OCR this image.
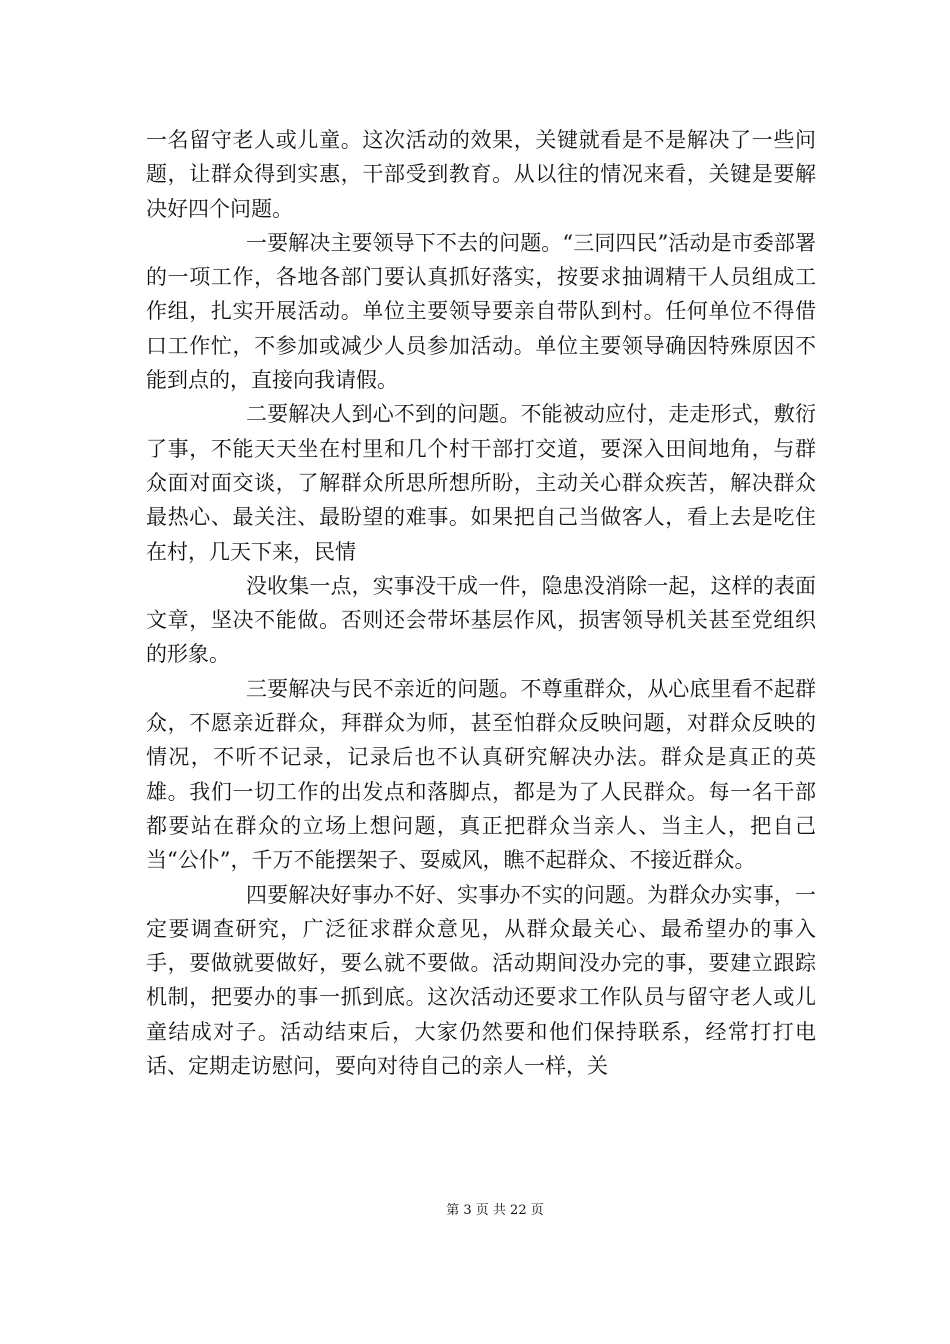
一名留守老人或儿童。这次活动的效果，关键就看是不是解决了一些问题，让群众得到实惠，干部受到教育。从以往的情况来看，关键是要解决好四个问题。

一要解决主要领导下不去的问题。“三同四民”活动是市委部署的一项工作，各地各部门要认真抓好落实，按要求抽调精干人员组成工作组，扎实开展活动。单位主要领导要亲自带队到村。任何单位不得借口工作忙，不参加或减少人员参加活动。单位主要领导确因特殊原因不能到点的，直接向我请假。

二要解决人到心不到的问题。不能被动应付，走走形式，敷衍了事，不能天天坐在村里和几个村干部打交道，要深入田间地角，与群众面对面交谈，了解群众所思所想所盼，主动关心群众疾苦，解决群众最热心、最关注、最盼望的难事。如果把自己当做客人，看上去是吃住在村，几天下来，民情

没收集一点，实事没干成一件，隐患没消除一起，这样的表面文章，坚决不能做。否则还会带坏基层作风，损害领导机关甚至党组织的形象。

三要解决与民不亲近的问题。不尊重群众，从心底里看不起群众，不愿亲近群众，拜群众为师，甚至怕群众反映问题，对群众反映的情况，不听不记录，记录后也不认真研究解决办法。群众是真正的英雄。我们一切工作的出发点和落脚点，都是为了人民群众。每一名干部都要站在群众的立场上想问题，真正把群众当亲人、当主人，把自己当“公仆”，千万不能摆架子、耍威风，瞧不起群众、不接近群众。

四要解决好事办不好、实事办不实的问题。为群众办实事，一定要调查研究，广泛征求群众意见，从群众最关心、最希望办的事入手，要做就要做好，要么就不要做。活动期间没办完的事，要建立跟踪机制，把要办的事一抓到底。这次活动还要求工作队员与留守老人或儿童结成对子。活动结束后，大家仍然要和他们保持联系，经常打打电话、定期走访慰问，要向对待自己的亲人一样，关

第 3 页 共 22 页
